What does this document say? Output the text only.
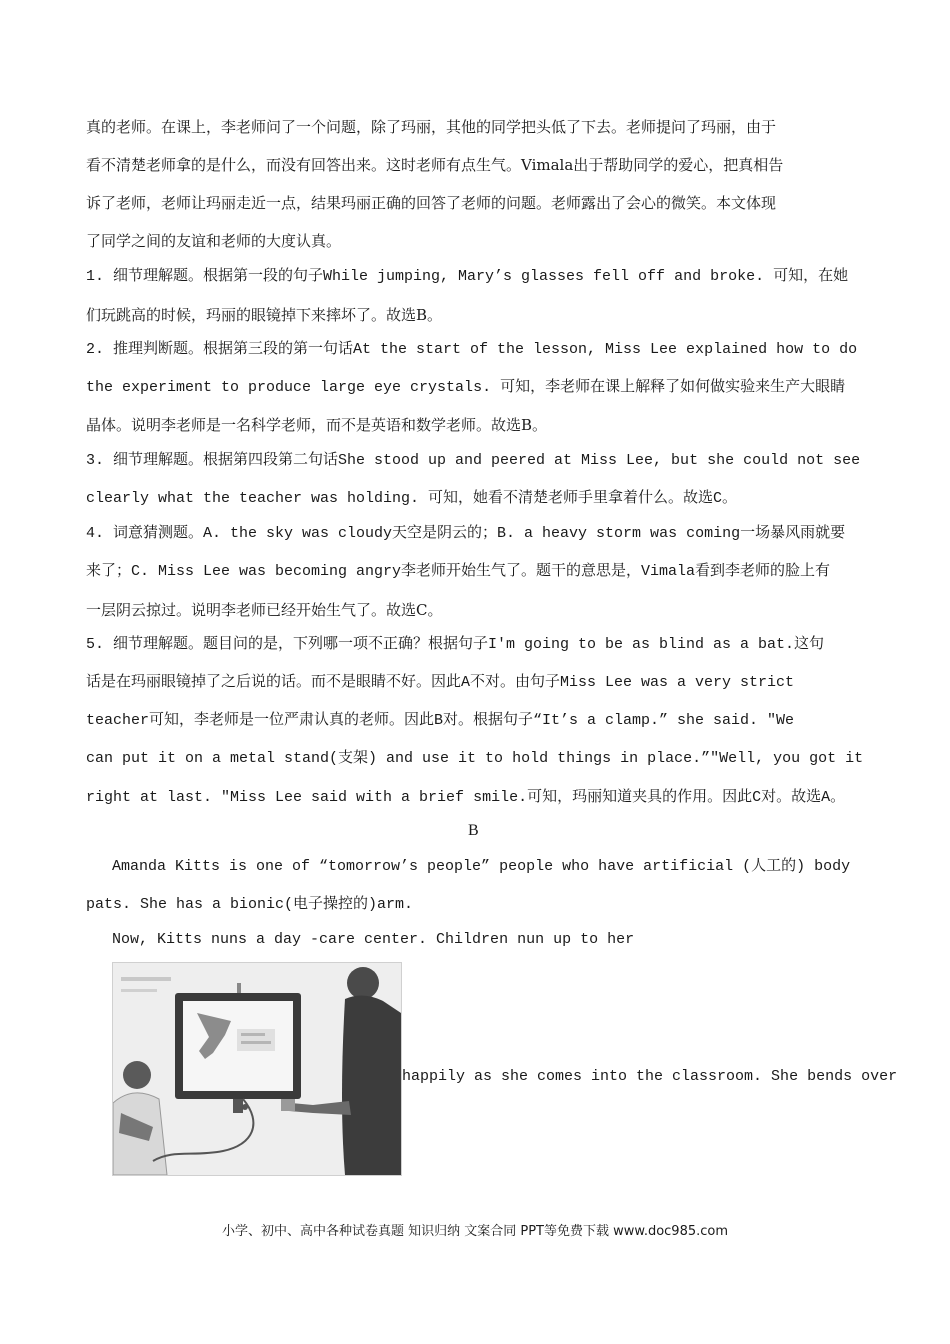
真的老师。在课上，李老师问了一个问题，除了玛丽，其他的同学把头低了下去。老师提问了玛丽，由于
看不清楚老师拿的是什么，而没有回答出来。这时老师有点生气。Vimala出于帮助同学的爱心，把真相告
诉了老师，老师让玛丽走近一点，结果玛丽正确的回答了老师的问题。老师露出了会心的微笑。本文体现
了同学之间的友谊和老师的大度认真。
1. 细节理解题。根据第一段的句子While jumping, Mary’s glasses fell off and broke. 可知，在她
们玩跳高的时候，玛丽的眼镜掉下来摔坏了。故选B。
2. 推理判断题。根据第三段的第一句话At the start of the lesson, Miss Lee explained how to do
the experiment to produce large eye crystals. 可知，李老师在课上解释了如何做实验来生产大眼睛
晶体。说明李老师是一名科学老师，而不是英语和数学老师。故选B。
3. 细节理解题。根据第四段第二句话She stood up and peered at Miss Lee, but she could not see
clearly what the teacher was holding. 可知，她看不清楚老师手里拿着什么。故选C。
4. 词意猜测题。A. the sky was cloudy天空是阴云的；B. a heavy storm was coming一场暴风雨就要
来了；C. Miss Lee was becoming angry李老师开始生气了。题干的意思是，Vimala看到李老师的脸上有
一层阴云掠过。说明李老师已经开始生气了。故选C。
5. 细节理解题。题目问的是，下列哪一项不正确？根据句子I'm going to be as blind as a bat.这句
话是在玛丽眼镜掉了之后说的话。而不是眼睛不好。因此A不对。由句子Miss Lee was a very strict
teacher可知，李老师是一位严肃认真的老师。因此B对。根据句子“It’s a clamp.” she said. "We
can put it on a metal stand(支架) and use it to hold things in place.”"Well, you got it
right at last. "Miss Lee said with a brief smile.可知，玛丽知道夹具的作用。因此C对。故选A。
B
Amanda Kitts is one of “tomorrow’s people” people who have artificial (人工的) body
pats. She has a bionic(电子操控的)arm.
Now, Kitts nuns a day -care center. Children nun up to her
happily as she comes into the classroom. She bends over
小学、初中、高中各种试卷真题 知识归纳 文案合同 PPT等免费下载 www.doc985.com
